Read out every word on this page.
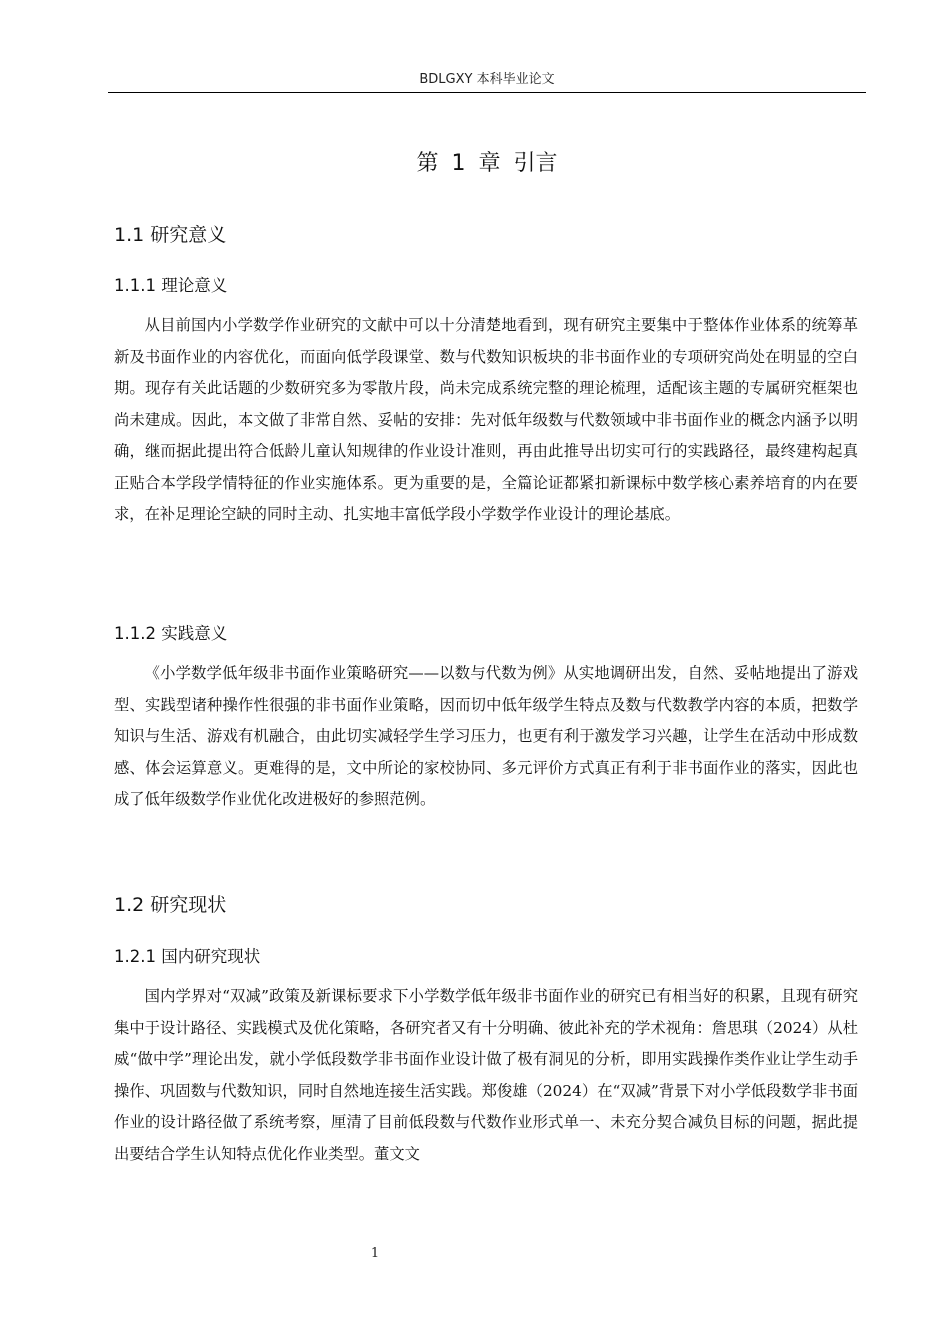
BDLGXY 本科毕业论文
第 1 章 引言
1.1 研究意义
1.1.1 理论意义

从目前国内小学数学作业研究的文献中可以十分清楚地看到，现有研究主要集中于整体作业体系的统筹革新及书面作业的内容优化，而面向低学段课堂、数与代数知识板块的非书面作业的专项研究尚处在明显的空白期。现存有关此话题的少数研究多为零散片段，尚未完成系统完整的理论梳理，适配该主题的专属研究框架也尚未建成。因此，本文做了非常自然、妥帖的安排：先对低年级数与代数领域中非书面作业的概念内涵予以明确，继而据此提出符合低龄儿童认知规律的作业设计准则，再由此推导出切实可行的实践路径，最终建构起真正贴合本学段学情特征的作业实施体系。更为重要的是，全篇论证都紧扣新课标中数学核心素养培育的内在要求，在补足理论空缺的同时主动、扎实地丰富低学段小学数学作业设计的理论基底。

1.1.2 实践意义

《小学数学低年级非书面作业策略研究——以数与代数为例》从实地调研出发，自然、妥帖地提出了游戏型、实践型诸种操作性很强的非书面作业策略，因而切中低年级学生特点及数与代数教学内容的本质，把数学知识与生活、游戏有机融合，由此切实减轻学生学习压力，也更有利于激发学习兴趣，让学生在活动中形成数感、体会运算意义。更难得的是，文中所论的家校协同、多元评价方式真正有利于非书面作业的落实，因此也成了低年级数学作业优化改进极好的参照范例。

1.2 研究现状
1.2.1 国内研究现状

国内学界对“双减”政策及新课标要求下小学数学低年级非书面作业的研究已有相当好的积累，且现有研究集中于设计路径、实践模式及优化策略，各研究者又有十分明确、彼此补充的学术视角：詹思琪（2024）从杜威“做中学”理论出发，就小学低段数学非书面作业设计做了极有洞见的分析，即用实践操作类作业让学生动手操作、巩固数与代数知识，同时自然地连接生活实践。郑俊雄（2024）在“双减”背景下对小学低段数学非书面作业的设计路径做了系统考察，厘清了目前低段数与代数作业形式单一、未充分契合减负目标的问题，据此提出要结合学生认知特点优化作业类型。董文文

1
